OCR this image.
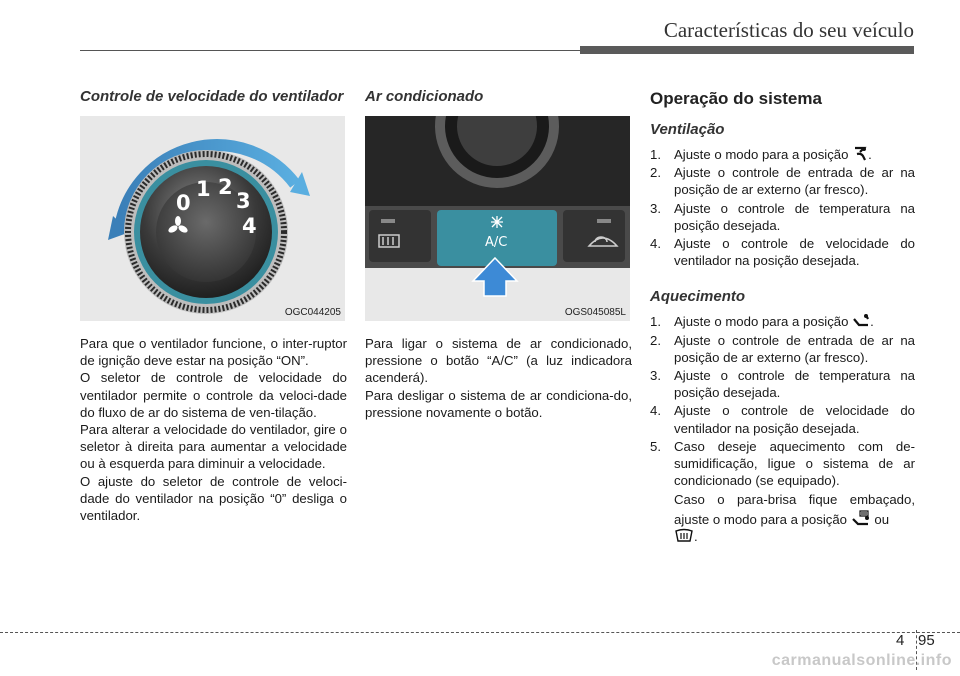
Características do seu veículo
Controle de velocidade do ventilador
0
1 2
3
4
OGC044205

Para que o ventilador funcione, o inter-ruptor de ignição deve estar na posição “ON”.

O seletor de controle de velocidade do ventilador permite o controle da veloci-dade do fluxo de ar do sistema de ven-tilação.

Para alterar a velocidade do ventilador, gire o seletor à direita para aumentar a velocidade ou à esquerda para diminuir a velocidade.

O ajuste do seletor de controle de veloci-dade do ventilador na posição “0” desliga o ventilador.

Ar condicionado
A/C
OGS045085L

Para ligar o sistema de ar condicionado, pressione o botão “A/C” (a luz indicadora acenderá).

Para desligar o sistema de ar condiciona-do, pressione novamente o botão.

Operação do sistema
Ventilação
1. Ajuste o modo para a posição .
2. Ajuste o controle de entrada de ar na posição de ar externo (ar fresco).
3. Ajuste o controle de temperatura na posição desejada.
4. Ajuste o controle de velocidade do ventilador na posição desejada.
Aquecimento
1. Ajuste o modo para a posição .
2. Ajuste o controle de entrada de ar na posição de ar externo (ar fresco).
3. Ajuste o controle de temperatura na posição desejada.
4. Ajuste o controle de velocidade do ventilador na posição desejada.
5. Caso deseje aquecimento com de-sumidificação, ligue o sistema de ar condicionado (se equipado).
Caso o para-brisa fique embaçado, ajuste o modo para a posição ou
.
4 95
carmanualsonline.info
